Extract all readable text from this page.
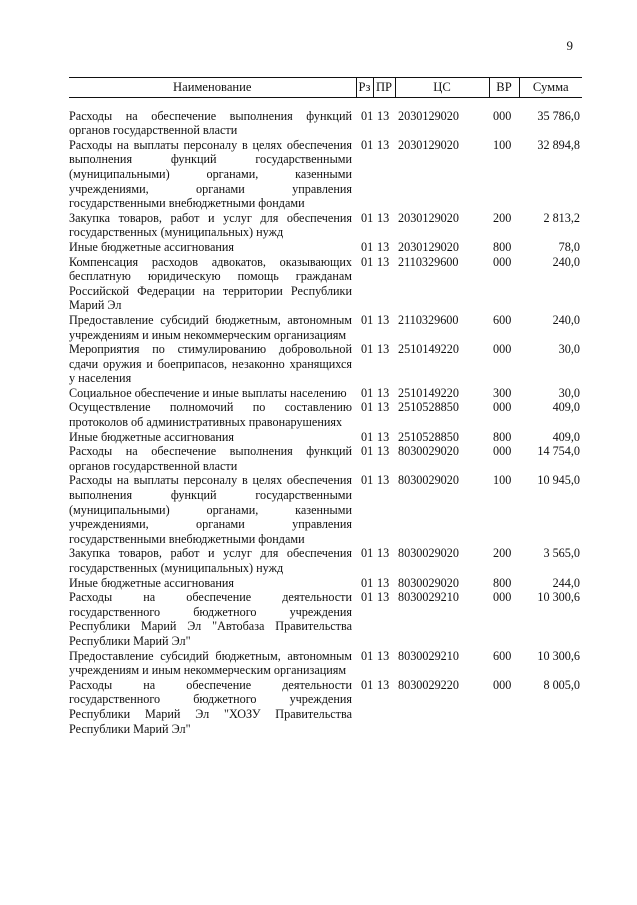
9
Наименование	Рз	ПР	ЦС	ВР	Сумма
Расходы на обеспечение выполнения функций органов государственной власти	01	13	2030129020	000	35 786,0
Расходы на выплаты персоналу в целях обеспечения выполнения функций государственными (муниципальными) органами, казенными учреждениями, органами управления государственными внебюджетными фондами	01	13	2030129020	100	32 894,8
Закупка товаров, работ и услуг для обеспечения государственных (муниципальных) нужд	01	13	2030129020	200	2 813,2
Иные бюджетные ассигнования	01	13	2030129020	800	78,0
Компенсация расходов адвокатов, оказывающих бесплатную юридическую помощь гражданам Российской Федерации на территории Республики Марий Эл	01	13	2110329600	000	240,0
Предоставление субсидий бюджетным, автономным учреждениям и иным некоммерческим организациям	01	13	2110329600	600	240,0
Мероприятия по стимулированию добровольной сдачи оружия и боеприпасов, незаконно хранящихся у населения	01	13	2510149220	000	30,0
Социальное обеспечение и иные выплаты населению	01	13	2510149220	300	30,0
Осуществление полномочий по составлению протоколов об административных правонарушениях	01	13	2510528850	000	409,0
Иные бюджетные ассигнования	01	13	2510528850	800	409,0
Расходы на обеспечение выполнения функций органов государственной власти	01	13	8030029020	000	14 754,0
Расходы на выплаты персоналу в целях обеспечения выполнения функций государственными (муниципальными) органами, казенными учреждениями, органами управления государственными внебюджетными фондами	01	13	8030029020	100	10 945,0
Закупка товаров, работ и услуг для обеспечения государственных (муниципальных) нужд	01	13	8030029020	200	3 565,0
Иные бюджетные ассигнования	01	13	8030029020	800	244,0
Расходы на обеспечение деятельности государственного бюджетного учреждения Республики Марий Эл "Автобаза Правительства Республики Марий Эл"	01	13	8030029210	000	10 300,6
Предоставление субсидий бюджетным, автономным учреждениям и иным некоммерческим организациям	01	13	8030029210	600	10 300,6
Расходы на обеспечение деятельности государственного бюджетного учреждения Республики Марий Эл "ХОЗУ Правительства Республики Марий Эл"	01	13	8030029220	000	8 005,0
